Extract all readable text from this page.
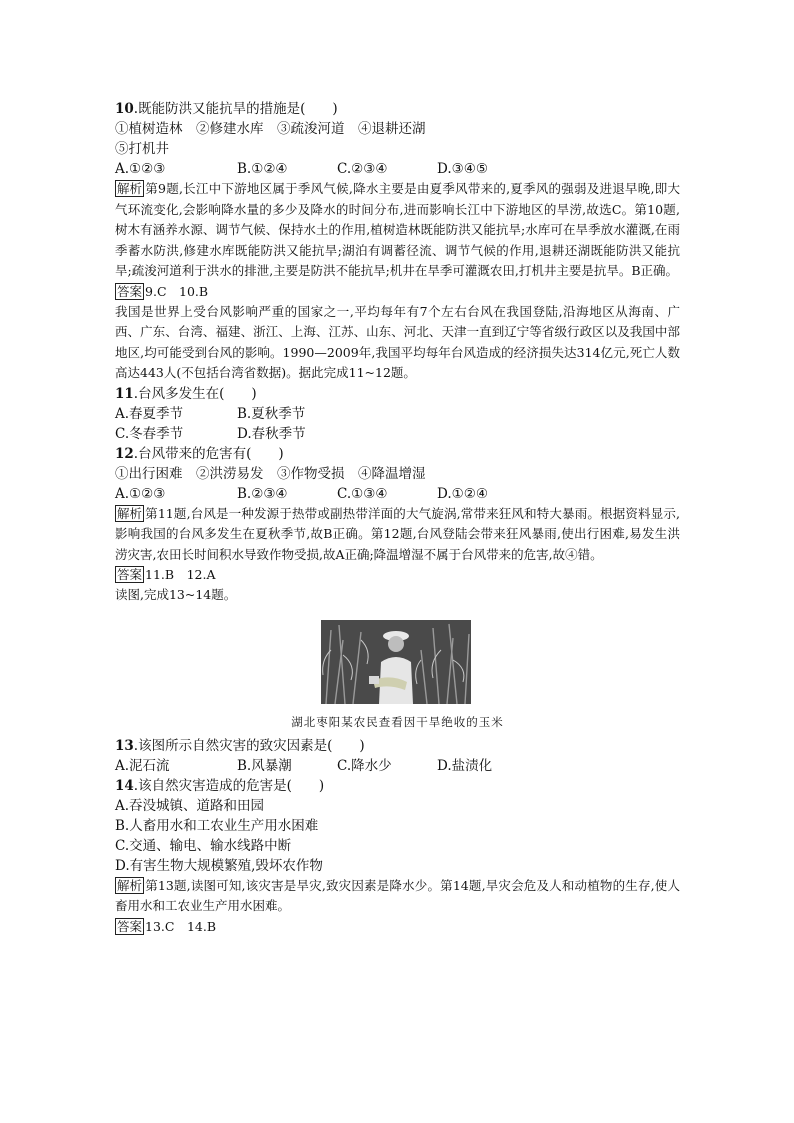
10.既能防洪又能抗旱的措施是(　　)

①植树造林　②修建水库　③疏浚河道　④退耕还湖

⑤打机井

A.①②③	B.①②④	C.②③④	D.③④⑤

解析 第9题,长江中下游地区属于季风气候,降水主要是由夏季风带来的,夏季风的强弱及进退早晚,即大气环流变化,会影响降水量的多少及降水的时间分布,进而影响长江中下游地区的旱涝,故选C。第10题,树木有涵养水源、调节气候、保持水土的作用,植树造林既能防洪又能抗旱;水库可在旱季放水灌溉,在雨季蓄水防洪,修建水库既能防洪又能抗旱;湖泊有调蓄径流、调节气候的作用,退耕还湖既能防洪又能抗旱;疏浚河道利于洪水的排泄,主要是防洪不能抗旱;机井在旱季可灌溉农田,打机井主要是抗旱。B正确。

答案 9.C　10.B

我国是世界上受台风影响严重的国家之一,平均每年有7个左右台风在我国登陆,沿海地区从海南、广西、广东、台湾、福建、浙江、上海、江苏、山东、河北、天津一直到辽宁等省级行政区以及我国中部地区,均可能受到台风的影响。1990—2009年,我国平均每年台风造成的经济损失达314亿元,死亡人数高达443人(不包括台湾省数据)。据此完成11~12题。

11.台风多发生在(　　)

A.春夏季节	B.夏秋季节
C.冬春季节	D.春秋季节

12.台风带来的危害有(　　)

①出行困难　②洪涝易发　③作物受损　④降温增湿

A.①②③	B.②③④	C.①③④	D.①②④

解析 第11题,台风是一种发源于热带或副热带洋面的大气旋涡,常带来狂风和特大暴雨。根据资料显示,影响我国的台风多发生在夏秋季节,故B正确。第12题,台风登陆会带来狂风暴雨,使出行困难,易发生洪涝灾害,农田长时间积水导致作物受损,故A正确;降温增湿不属于台风带来的危害,故④错。

答案 11.B　12.A

读图,完成13~14题。

湖北枣阳某农民查看因干旱绝收的玉米

13.该图所示自然灾害的致灾因素是(　　)

A.泥石流	B.风暴潮	C.降水少	D.盐渍化

14.该自然灾害造成的危害是(　　)

A.吞没城镇、道路和田园

B.人畜用水和工农业生产用水困难

C.交通、输电、输水线路中断

D.有害生物大规模繁殖,毁坏农作物

解析 第13题,读图可知,该灾害是旱灾,致灾因素是降水少。第14题,旱灾会危及人和动植物的生存,使人畜用水和工农业生产用水困难。

答案 13.C　14.B
